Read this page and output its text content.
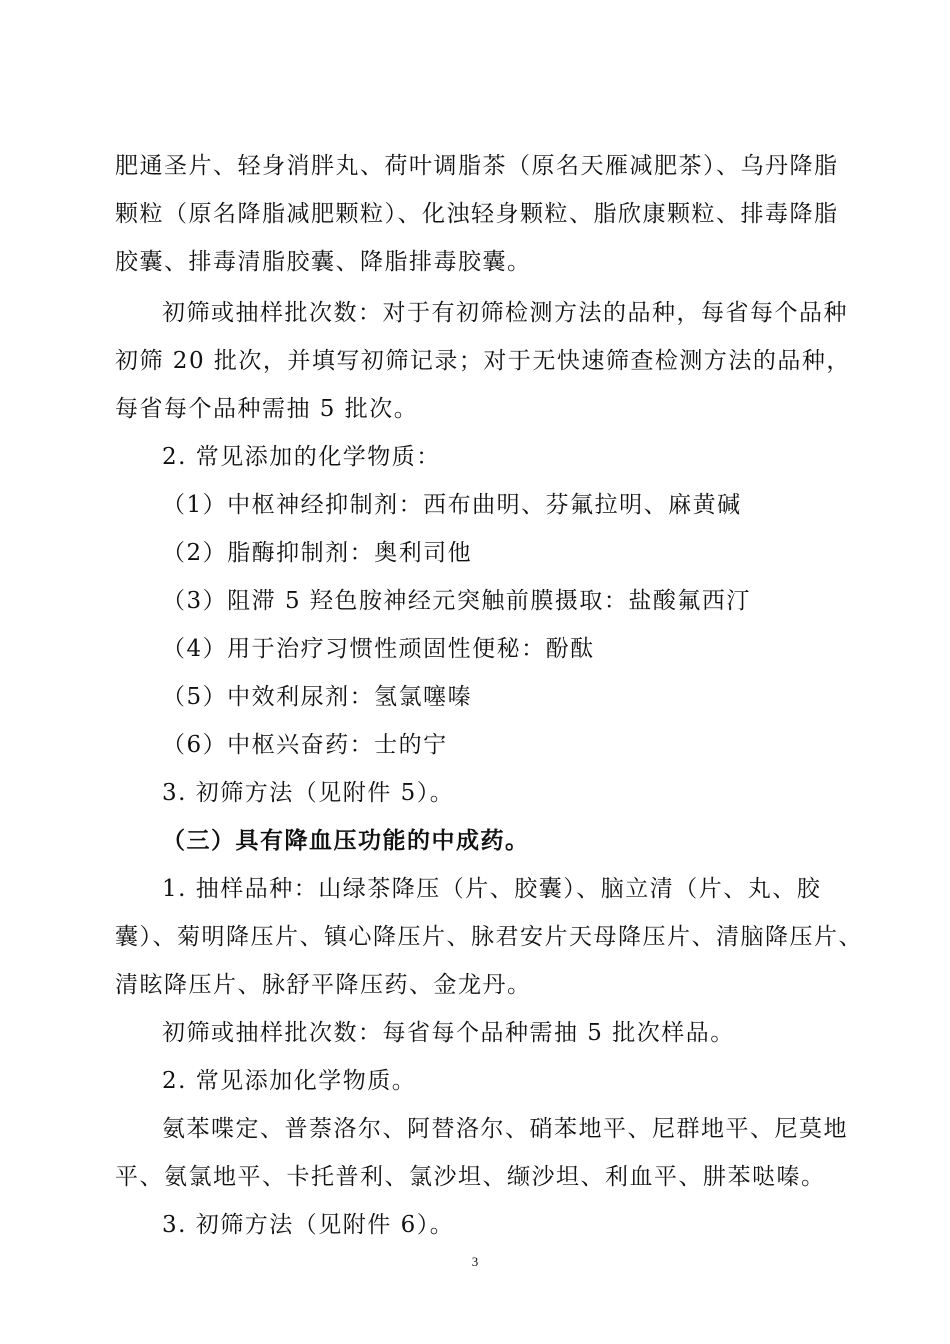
肥通圣片、轻身消胖丸、荷叶调脂茶（原名天雁减肥茶）、乌丹降脂
颗粒（原名降脂减肥颗粒）、化浊轻身颗粒、脂欣康颗粒、排毒降脂
胶囊、排毒清脂胶囊、降脂排毒胶囊。
初筛或抽样批次数：对于有初筛检测方法的品种，每省每个品种
初筛 20 批次，并填写初筛记录；对于无快速筛查检测方法的品种，
每省每个品种需抽 5 批次。
2. 常见添加的化学物质：
（1）中枢神经抑制剂：西布曲明、芬氟拉明、麻黄碱
（2）脂酶抑制剂：奥利司他
（3）阻滞 5 羟色胺神经元突触前膜摄取：盐酸氟西汀
（4）用于治疗习惯性顽固性便秘：酚酞
（5）中效利尿剂：氢氯噻嗪
（6）中枢兴奋药：士的宁
3. 初筛方法（见附件 5）。
（三）具有降血压功能的中成药。
1. 抽样品种：山绿茶降压（片、胶囊）、脑立清（片、丸、胶
囊）、菊明降压片、镇心降压片、脉君安片天母降压片、清脑降压片、
清眩降压片、脉舒平降压药、金龙丹。
初筛或抽样批次数：每省每个品种需抽 5 批次样品。
2. 常见添加化学物质。
氨苯喋定、普萘洛尔、阿替洛尔、硝苯地平、尼群地平、尼莫地
平、氨氯地平、卡托普利、氯沙坦、缬沙坦、利血平、肼苯哒嗪。
3. 初筛方法（见附件 6）。
3
